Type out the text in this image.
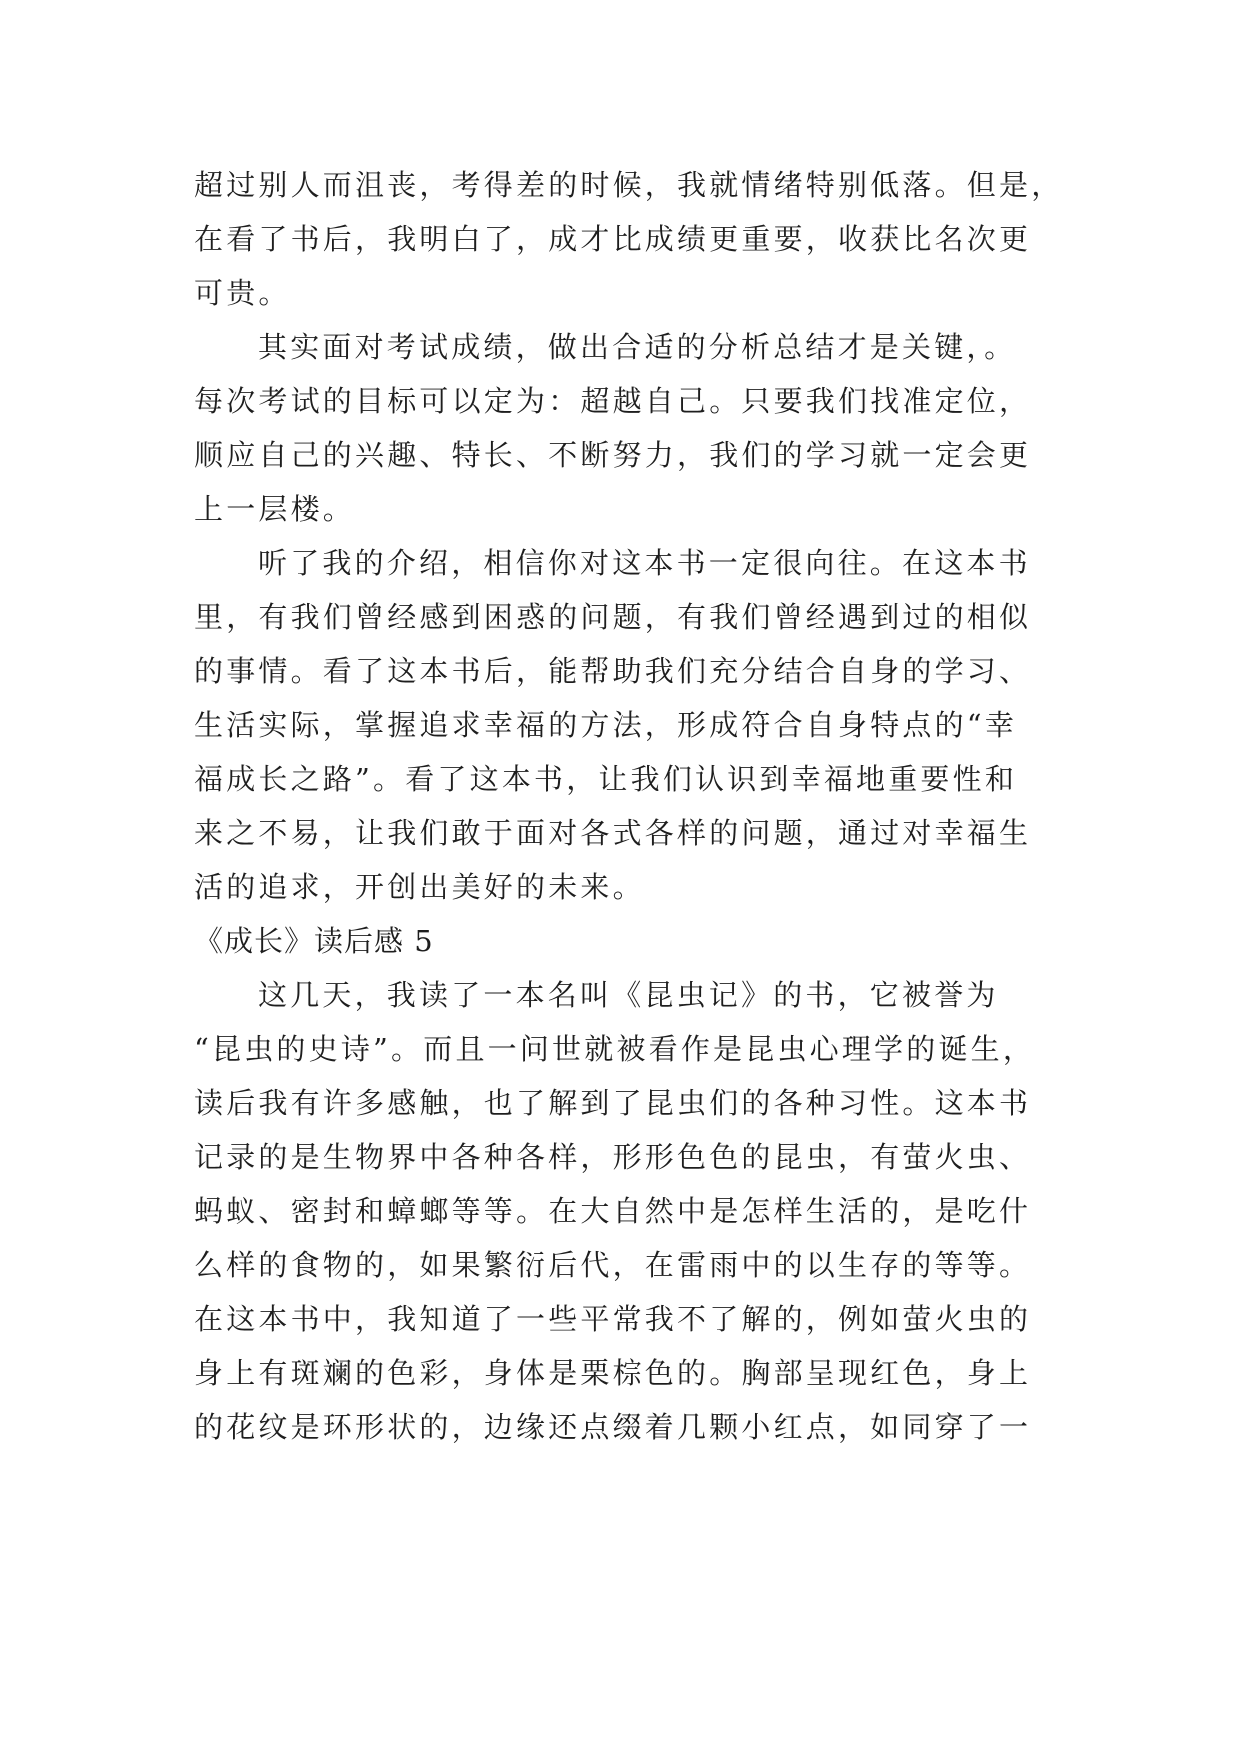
超过别人而沮丧，考得差的时候，我就情绪特别低落。但是，
在看了书后，我明白了，成才比成绩更重要，收获比名次更
可贵。
其实面对考试成绩，做出合适的分析总结才是关键，。
每次考试的目标可以定为：超越自己。只要我们找准定位，
顺应自己的兴趣、特长、不断努力，我们的学习就一定会更
上一层楼。
听了我的介绍，相信你对这本书一定很向往。在这本书
里，有我们曾经感到困惑的问题，有我们曾经遇到过的相似
的事情。看了这本书后，能帮助我们充分结合自身的学习、
生活实际，掌握追求幸福的方法，形成符合自身特点的“幸
福成长之路”。看了这本书，让我们认识到幸福地重要性和
来之不易，让我们敢于面对各式各样的问题，通过对幸福生
活的追求，开创出美好的未来。
《成长》读后感 5
这几天，我读了一本名叫《昆虫记》的书，它被誉为
“昆虫的史诗”。而且一问世就被看作是昆虫心理学的诞生，
读后我有许多感触，也了解到了昆虫们的各种习性。这本书
记录的是生物界中各种各样，形形色色的昆虫，有萤火虫、
蚂蚁、密封和蟑螂等等。在大自然中是怎样生活的，是吃什
么样的食物的，如果繁衍后代，在雷雨中的以生存的等等。
在这本书中，我知道了一些平常我不了解的，例如萤火虫的
身上有斑斓的色彩，身体是栗棕色的。胸部呈现红色，身上
的花纹是环形状的，边缘还点缀着几颗小红点，如同穿了一
